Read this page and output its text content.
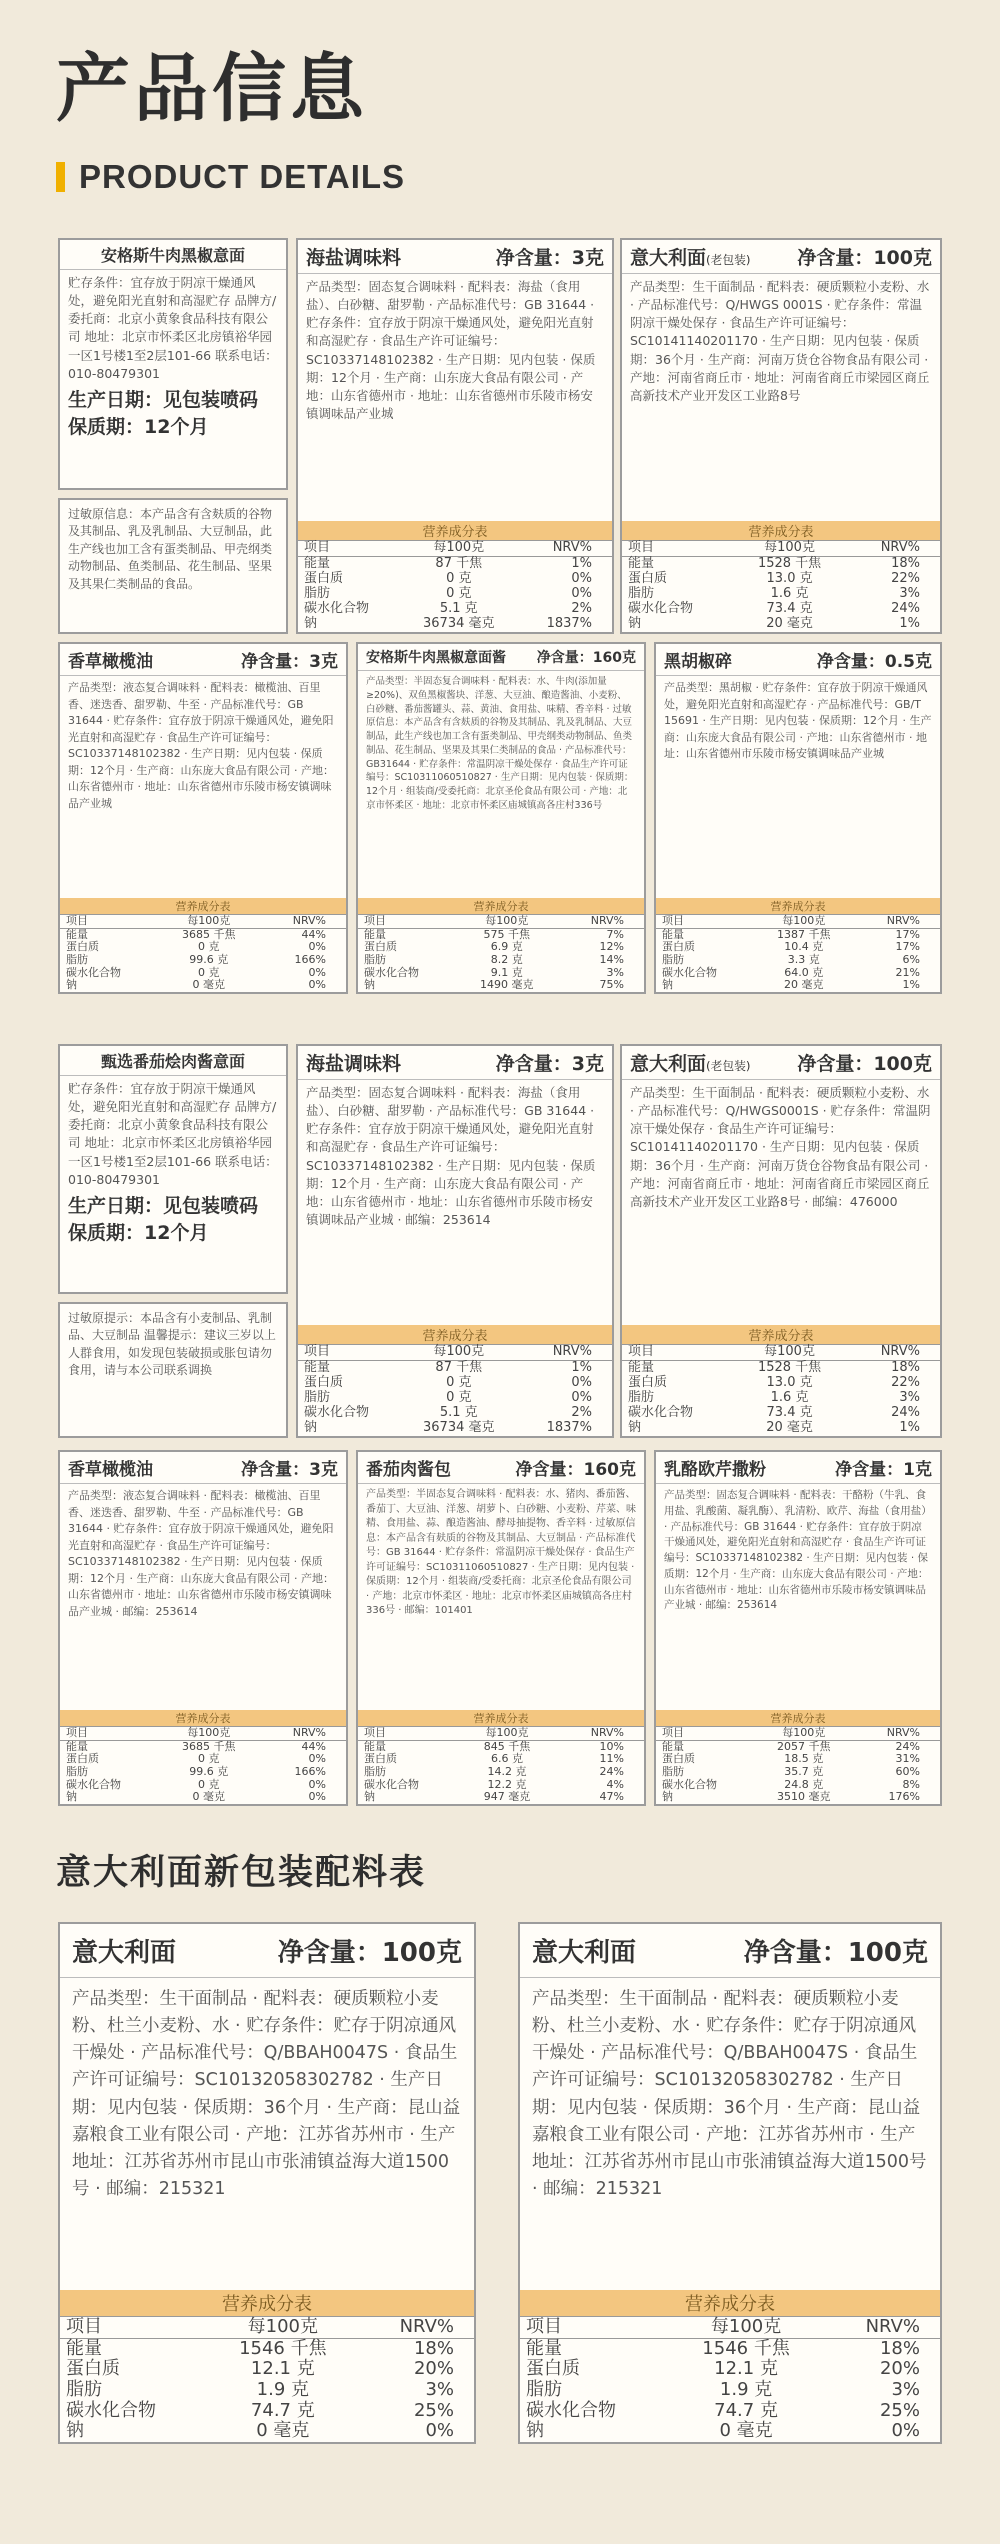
产品信息
PRODUCT DETAILS
安格斯牛肉黑椒意面
贮存条件：宜存放于阴凉干燥通风处，避免阳光直射和高湿贮存 品牌方/委托商：北京小黄象食品科技有限公司 地址：北京市怀柔区北房镇裕华园一区1号楼1至2层101-66 联系电话：010-80479301
生产日期：见包装喷码
保质期：12个月
过敏原信息：本产品含有含麸质的谷物及其制品、乳及乳制品、大豆制品，此生产线也加工含有蛋类制品、甲壳纲类动物制品、鱼类制品、花生制品、坚果及其果仁类制品的食品。
海盐调味料	净含量：3克
产品类型：固态复合调味料 · 配料表：海盐（食用盐）、白砂糖、甜罗勒 · 产品标准代号：GB 31644 · 贮存条件：宜存放于阴凉干燥通风处，避免阳光直射和高湿贮存 · 食品生产许可证编号：SC10337148102382 · 生产日期：见内包装 · 保质期：12个月 · 生产商：山东庞大食品有限公司 · 产地：山东省德州市 · 地址：山东省德州市乐陵市杨安镇调味品产业城
营养成分表
项目	每100克	NRV%
能量	87 千焦	1%
蛋白质	0 克	0%
脂肪	0 克	0%
碳水化合物	5.1 克	2%
钠	36734 毫克	1837%
意大利面(老包装) 净含量：100克
产品类型：生干面制品 · 配料表：硬质颗粒小麦粉、水 · 产品标准代号：Q/HWGS 0001S · 贮存条件：常温阴凉干燥处保存 · 食品生产许可证编号：SC10141140201170 · 生产日期：见内包装 · 保质期：36个月 · 生产商：河南万货仓谷物食品有限公司 · 产地：河南省商丘市 · 地址：河南省商丘市梁园区商丘高新技术产业开发区工业路8号
营养成分表
项目	每100克	NRV%
能量	1528 千焦	18%
蛋白质	13.0 克	22%
脂肪	1.6 克	3%
碳水化合物	73.4 克	24%
钠	20 毫克	1%
香草橄榄油	净含量：3克
产品类型：液态复合调味料 · 配料表：橄榄油、百里香、迷迭香、甜罗勒、牛至 · 产品标准代号：GB 31644 · 贮存条件：宜存放于阴凉干燥通风处，避免阳光直射和高湿贮存 · 食品生产许可证编号：SC10337148102382 · 生产日期：见内包装 · 保质期：12个月 · 生产商：山东庞大食品有限公司 · 产地：山东省德州市 · 地址：山东省德州市乐陵市杨安镇调味品产业城
营养成分表
项目	每100克	NRV%
能量	3685 千焦	44%
蛋白质	0 克	0%
脂肪	99.6 克	166%
碳水化合物	0 克	0%
钠	0 毫克	0%
安格斯牛肉黑椒意面酱 净含量：160克
产品类型：半固态复合调味料 · 配料表：水、牛肉(添加量≥20%)、双鱼黑椒酱块、洋葱、大豆油、酿造酱油、小麦粉、白砂糖、番茄酱罐头、蒜、黄油、食用盐、味精、香辛料 · 过敏原信息：本产品含有含麸质的谷物及其制品、乳及乳制品、大豆制品，此生产线也加工含有蛋类制品、甲壳纲类动物制品、鱼类制品、花生制品、坚果及其果仁类制品的食品 · 产品标准代号：GB31644 · 贮存条件：常温阴凉干燥处保存 · 食品生产许可证编号：SC10311060510827 · 生产日期：见内包装 · 保质期：12个月 · 组装商/受委托商：北京圣伦食品有限公司 · 产地：北京市怀柔区 · 地址：北京市怀柔区庙城镇高各庄村336号
营养成分表
项目	每100克	NRV%
能量	575 千焦	7%
蛋白质	6.9 克	12%
脂肪	8.2 克	14%
碳水化合物	9.1 克	3%
钠	1490 毫克	75%
黑胡椒碎	净含量：0.5克
产品类型：黑胡椒 · 贮存条件：宜存放于阴凉干燥通风处，避免阳光直射和高湿贮存 · 产品标准代号：GB/T 15691 · 生产日期：见内包装 · 保质期：12个月 · 生产商：山东庞大食品有限公司 · 产地：山东省德州市 · 地址：山东省德州市乐陵市杨安镇调味品产业城
营养成分表
项目	每100克	NRV%
能量	1387 千焦	17%
蛋白质	10.4 克	17%
脂肪	3.3 克	6%
碳水化合物	64.0 克	21%
钠	20 毫克	1%
甄选番茄烩肉酱意面
贮存条件：宜存放于阴凉干燥通风处，避免阳光直射和高湿贮存 品牌方/委托商：北京小黄象食品科技有限公司 地址：北京市怀柔区北房镇裕华园一区1号楼1至2层101-66 联系电话：010-80479301
生产日期：见包装喷码
保质期：12个月
过敏原提示：本品含有小麦制品、乳制品、大豆制品 温馨提示：建议三岁以上人群食用，如发现包装破损或胀包请勿食用，请与本公司联系调换
海盐调味料	净含量：3克
产品类型：固态复合调味料 · 配料表：海盐（食用盐）、白砂糖、甜罗勒 · 产品标准代号：GB 31644 · 贮存条件：宜存放于阴凉干燥通风处，避免阳光直射和高湿贮存 · 食品生产许可证编号：SC10337148102382 · 生产日期：见内包装 · 保质期：12个月 · 生产商：山东庞大食品有限公司 · 产地：山东省德州市 · 地址：山东省德州市乐陵市杨安镇调味品产业城 · 邮编：253614
营养成分表
项目	每100克	NRV%
能量	87 千焦	1%
蛋白质	0 克	0%
脂肪	0 克	0%
碳水化合物	5.1 克	2%
钠	36734 毫克	1837%
意大利面(老包装) 净含量：100克
产品类型：生干面制品 · 配料表：硬质颗粒小麦粉、水 · 产品标准代号：Q/HWGS0001S · 贮存条件：常温阴凉干燥处保存 · 食品生产许可证编号：SC10141140201170 · 生产日期：见内包装 · 保质期：36个月 · 生产商：河南万货仓谷物食品有限公司 · 产地：河南省商丘市 · 地址：河南省商丘市梁园区商丘高新技术产业开发区工业路8号 · 邮编：476000
营养成分表
项目	每100克	NRV%
能量	1528 千焦	18%
蛋白质	13.0 克	22%
脂肪	1.6 克	3%
碳水化合物	73.4 克	24%
钠	20 毫克	1%
香草橄榄油	净含量：3克
产品类型：液态复合调味料 · 配料表：橄榄油、百里香、迷迭香、甜罗勒、牛至 · 产品标准代号：GB 31644 · 贮存条件：宜存放于阴凉干燥通风处，避免阳光直射和高湿贮存 · 食品生产许可证编号：SC10337148102382 · 生产日期：见内包装 · 保质期：12个月 · 生产商：山东庞大食品有限公司 · 产地：山东省德州市 · 地址：山东省德州市乐陵市杨安镇调味品产业城 · 邮编：253614
营养成分表
项目	每100克	NRV%
能量	3685 千焦	44%
蛋白质	0 克	0%
脂肪	99.6 克	166%
碳水化合物	0 克	0%
钠	0 毫克	0%
番茄肉酱包	净含量：160克
产品类型：半固态复合调味料 · 配料表：水、猪肉、番茄酱、番茄丁、大豆油、洋葱、胡萝卜、白砂糖、小麦粉、芹菜、味精、食用盐、蒜、酿造酱油、酵母抽提物、香辛料 · 过敏原信息：本产品含有麸质的谷物及其制品、大豆制品 · 产品标准代号：GB 31644 · 贮存条件：常温阴凉干燥处保存 · 食品生产许可证编号：SC10311060510827 · 生产日期：见内包装 · 保质期：12个月 · 组装商/受委托商：北京圣伦食品有限公司 · 产地：北京市怀柔区 · 地址：北京市怀柔区庙城镇高各庄村336号 · 邮编：101401
营养成分表
项目	每100克	NRV%
能量	845 千焦	10%
蛋白质	6.6 克	11%
脂肪	14.2 克	24%
碳水化合物	12.2 克	4%
钠	947 毫克	47%
乳酪欧芹撒粉	净含量：1克
产品类型：固态复合调味料 · 配料表：干酪粉（牛乳、食用盐、乳酸菌、凝乳酶）、乳清粉、欧芹、海盐（食用盐） · 产品标准代号：GB 31644 · 贮存条件：宜存放于阴凉干燥通风处，避免阳光直射和高湿贮存 · 食品生产许可证编号：SC10337148102382 · 生产日期：见内包装 · 保质期：12个月 · 生产商：山东庞大食品有限公司 · 产地：山东省德州市 · 地址：山东省德州市乐陵市杨安镇调味品产业城 · 邮编：253614
营养成分表
项目	每100克	NRV%
能量	2057 千焦	24%
蛋白质	18.5 克	31%
脂肪	35.7 克	60%
碳水化合物	24.8 克	8%
钠	3510 毫克	176%
意大利面新包装配料表
意大利面	净含量：100克
产品类型：生干面制品 · 配料表：硬质颗粒小麦粉、杜兰小麦粉、水 · 贮存条件：贮存于阴凉通风干燥处 · 产品标准代号：Q/BBAH0047S · 食品生产许可证编号：SC10132058302782 · 生产日期：见内包装 · 保质期：36个月 · 生产商：昆山益嘉粮食工业有限公司 · 产地：江苏省苏州市 · 生产地址：江苏省苏州市昆山市张浦镇益海大道1500号 · 邮编：215321
营养成分表
项目	每100克	NRV%
能量	1546 千焦	18%
蛋白质	12.1 克	20%
脂肪	1.9 克	3%
碳水化合物	74.7 克	25%
钠	0 毫克	0%
意大利面	净含量：100克
产品类型：生干面制品 · 配料表：硬质颗粒小麦粉、杜兰小麦粉、水 · 贮存条件：贮存于阴凉通风干燥处 · 产品标准代号：Q/BBAH0047S · 食品生产许可证编号：SC10132058302782 · 生产日期：见内包装 · 保质期：36个月 · 生产商：昆山益嘉粮食工业有限公司 · 产地：江苏省苏州市 · 生产地址：江苏省苏州市昆山市张浦镇益海大道1500号 · 邮编：215321
营养成分表
项目	每100克	NRV%
能量	1546 千焦	18%
蛋白质	12.1 克	20%
脂肪	1.9 克	3%
碳水化合物	74.7 克	25%
钠	0 毫克	0%
